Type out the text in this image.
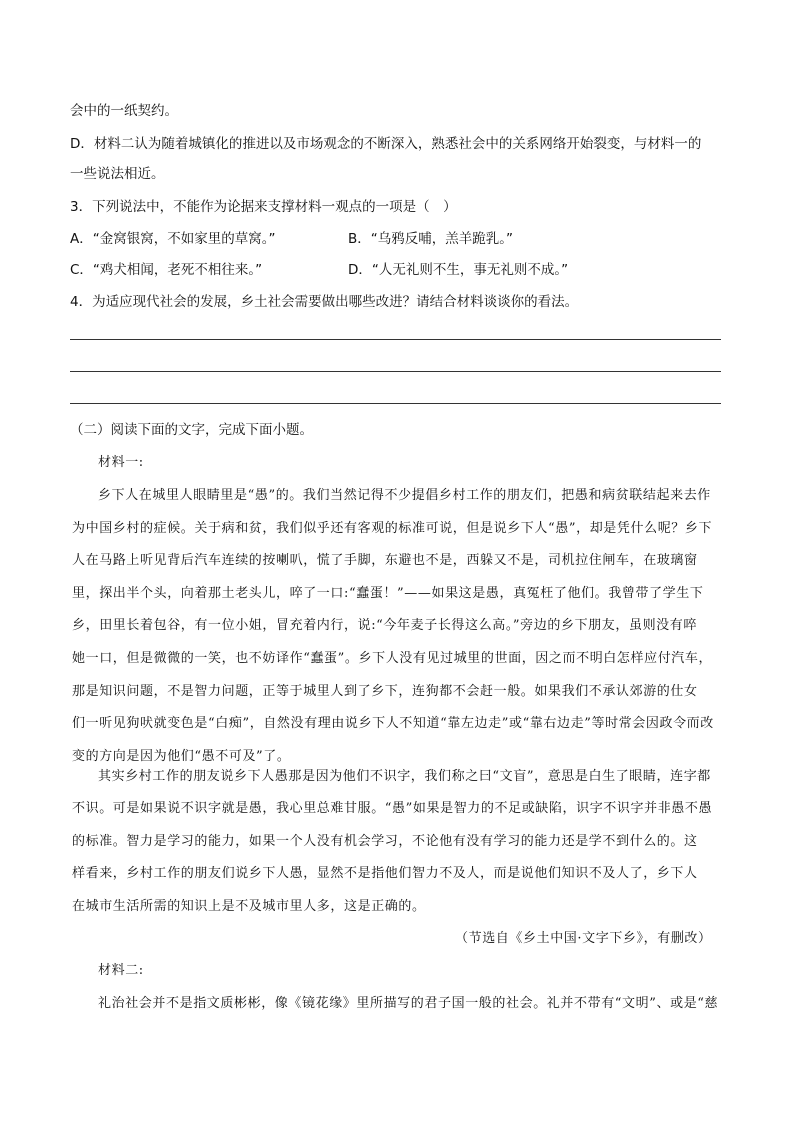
会中的一纸契约。
D．材料二认为随着城镇化的推进以及市场观念的不断深入，熟悉社会中的关系网络开始裂变，与材料一的
一些说法相近。
3．下列说法中，不能作为论据来支撑材料一观点的一项是（　）
A．“金窝银窝，不如家里的草窝。”	B．“乌鸦反哺，羔羊跪乳。”
C．“鸡犬相闻，老死不相往来。”	D．“人无礼则不生，事无礼则不成。”
4．为适应现代社会的发展，乡土社会需要做出哪些改进？请结合材料谈谈你的看法。
（二）阅读下面的文字，完成下面小题。
材料一:
乡下人在城里人眼睛里是“愚”的。我们当然记得不少提倡乡村工作的朋友们，把愚和病贫联结起来去作
为中国乡村的症候。关于病和贫，我们似乎还有客观的标准可说，但是说乡下人“愚”，却是凭什么呢？乡下
人在马路上听见背后汽车连续的按喇叭，慌了手脚，东避也不是，西躲又不是，司机拉住闸车，在玻璃窗
里，探出半个头，向着那土老头儿，啐了一口:“蠢蛋！”——如果这是愚，真冤枉了他们。我曾带了学生下
乡，田里长着包谷，有一位小姐，冒充着内行，说:“今年麦子长得这么高。”旁边的乡下朋友，虽则没有啐
她一口，但是微微的一笑，也不妨译作“蠢蛋”。乡下人没有见过城里的世面，因之而不明白怎样应付汽车，
那是知识问题，不是智力问题，正等于城里人到了乡下，连狗都不会赶一般。如果我们不承认郊游的仕女
们一听见狗吠就变色是“白痴”，自然没有理由说乡下人不知道“靠左边走”或“靠右边走”等时常会因政令而改
变的方向是因为他们“愚不可及”了。
其实乡村工作的朋友说乡下人愚那是因为他们不识字，我们称之曰“文盲”，意思是白生了眼睛，连字都
不识。可是如果说不识字就是愚，我心里总难甘服。“愚”如果是智力的不足或缺陷，识字不识字并非愚不愚
的标准。智力是学习的能力，如果一个人没有机会学习，不论他有没有学习的能力还是学不到什么的。这
样看来，乡村工作的朋友们说乡下人愚，显然不是指他们智力不及人，而是说他们知识不及人了，乡下人
在城市生活所需的知识上是不及城市里人多，这是正确的。
（节选自《乡土中国·文字下乡》，有删改）
材料二:
礼治社会并不是指文质彬彬，像《镜花缘》里所描写的君子国一般的社会。礼并不带有“文明”、或是“慈
